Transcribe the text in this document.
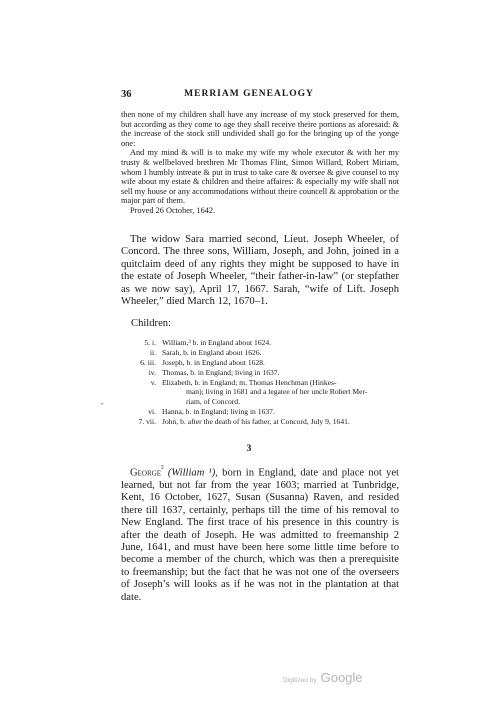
36	MERRIAM GENEALOGY

then none of my children shall have any increase of my stock preserved for them, but according as they come to age they shall receive theire portions as aforesaid: & the increase of the stock still undivided shall go for the bringing up of the yonge one:

And my mind & will is to make my wife my whole executor & with her my trusty & wellbeloved brethren Mr Thomas Flint, Simon Willard, Robert Miriam, whom I humbly intreate & put in trust to take care & oversee & give counsel to my wife about my estate & children and theire affaires: & especially my wife shall not sell my house or any accommodations without theire councell & approbation or the major part of them.

Proved 26 October, 1642.

The widow Sara married second, Lieut. Joseph Wheeler, of Concord. The three sons, William, Joseph, and John, joined in a quitclaim deed of any rights they might be supposed to have in the estate of Joseph Wheeler, “their father-in-law” (or stepfather as we now say), April 17, 1667. Sarah, “wife of Lift. Joseph Wheeler,” died March 12, 1670–1.

Children:
5. i. William,³ b. in England about 1624.
ii. Sarah, b. in England about 1626.
6. iii. Joseph, b. in England about 1628.
iv. Thomas, b. in England; living in 1637.
v. Elizabeth, b. in England; m. Thomas Henchman (Hinkes-
man); living in 1681 and a legatee of her uncle Robert Mer-
riam, of Concord.
vi. Hanna, b. in England; living in 1637.
7. vii. John, b. after the death of his father, at Concord, July 9, 1641.
•
3

George$^{^2}$ (William ¹), born in England, date and place not yet learned, but not far from the year 1603; married at Tunbridge, Kent, 16 October, 1627, Susan (Susanna) Raven, and resided there till 1637, certainly, perhaps till the time of his removal to New England. The first trace of his presence in this country is after the death of Joseph. He was admitted to freemanship 2 June, 1641, and must have been here some little time before to become a member of the church, which was then a prerequisite to freemanship; but the fact that he was not one of the overseers of Joseph’s will looks as if he was not in the plantation at that date.

Digitized by Google
